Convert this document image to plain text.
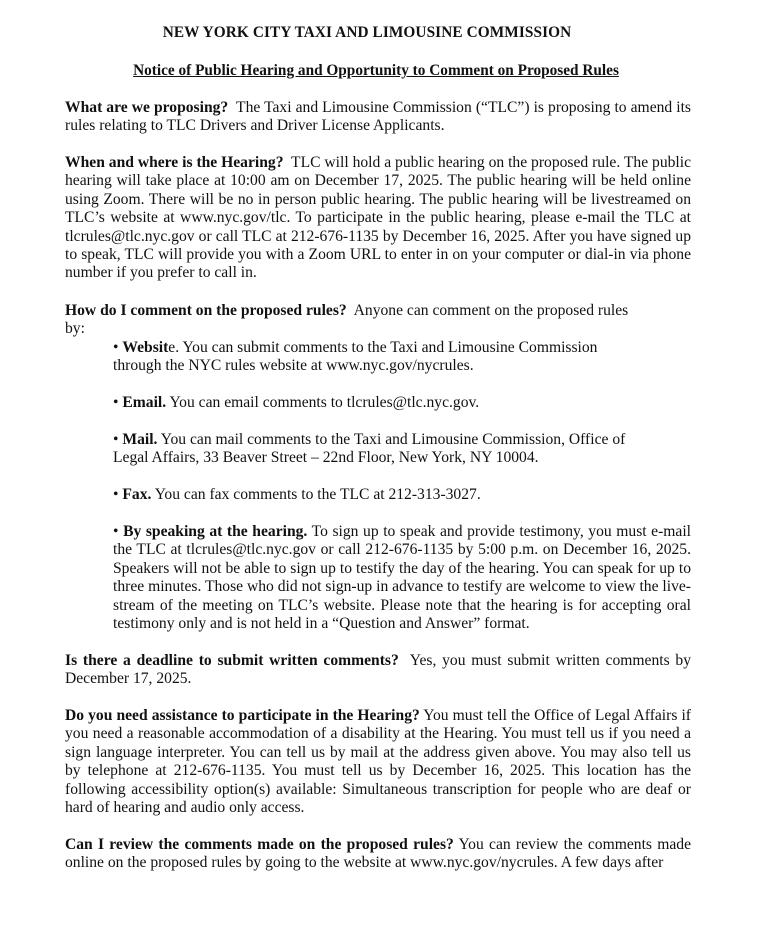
NEW YORK CITY TAXI AND LIMOUSINE COMMISSION
Notice of Public Hearing and Opportunity to Comment on Proposed Rules

What are we proposing? The Taxi and Limousine Commission (“TLC”) is proposing to amend its rules relating to TLC Drivers and Driver License Applicants.

When and where is the Hearing? TLC will hold a public hearing on the proposed rule. The public hearing will take place at 10:00 am on December 17, 2025. The public hearing will be held online using Zoom. There will be no in person public hearing. The public hearing will be livestreamed on TLC’s website at www.nyc.gov/tlc. To participate in the public hearing, please e-mail the TLC at tlcrules@tlc.nyc.gov or call TLC at 212-676-1135 by December 16, 2025. After you have signed up to speak, TLC will provide you with a Zoom URL to enter in on your computer or dial-in via phone number if you prefer to call in.

How do I comment on the proposed rules? Anyone can comment on the proposed rules
by:

• Website. You can submit comments to the Taxi and Limousine Commission through the NYC rules website at www.nyc.gov/nycrules.

• Email. You can email comments to tlcrules@tlc.nyc.gov.

• Mail. You can mail comments to the Taxi and Limousine Commission, Office of Legal Affairs, 33 Beaver Street – 22nd Floor, New York, NY 10004.

• Fax. You can fax comments to the TLC at 212-313-3027.

• By speaking at the hearing. To sign up to speak and provide testimony, you must e-mail the TLC at tlcrules@tlc.nyc.gov or call 212-676-1135 by 5:00 p.m. on December 16, 2025. Speakers will not be able to sign up to testify the day of the hearing. You can speak for up to three minutes. Those who did not sign-up in advance to testify are welcome to view the live-stream of the meeting on TLC’s website. Please note that the hearing is for accepting oral testimony only and is not held in a “Question and Answer” format.

Is there a deadline to submit written comments? Yes, you must submit written comments by December 17, 2025.

Do you need assistance to participate in the Hearing? You must tell the Office of Legal Affairs if you need a reasonable accommodation of a disability at the Hearing. You must tell us if you need a sign language interpreter. You can tell us by mail at the address given above. You may also tell us by telephone at 212-676-1135. You must tell us by December 16, 2025. This location has the following accessibility option(s) available: Simultaneous transcription for people who are deaf or hard of hearing and audio only access.

Can I review the comments made on the proposed rules? You can review the comments made online on the proposed rules by going to the website at www.nyc.gov/nycrules. A few days after
